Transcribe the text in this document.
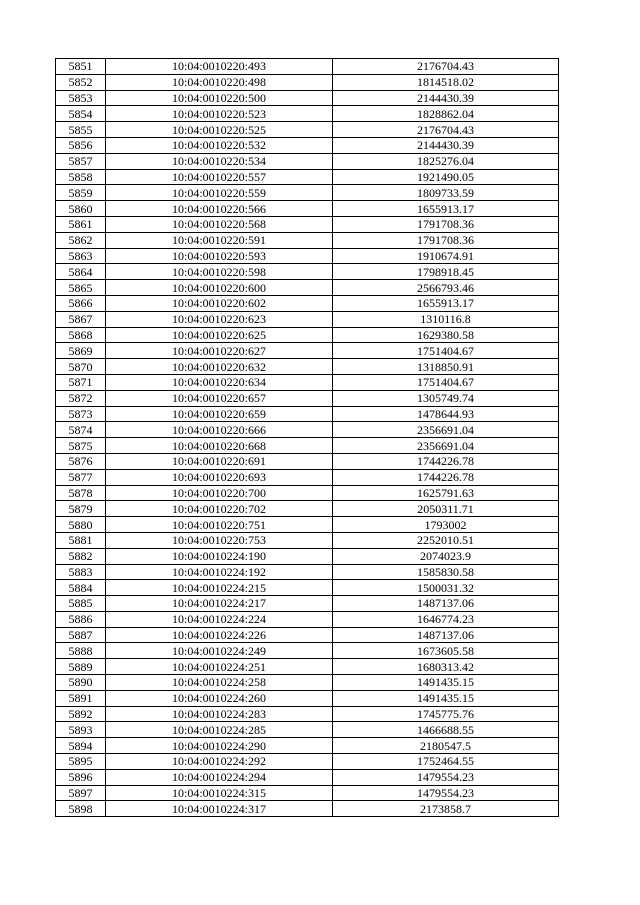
5851	10:04:0010220:493	2176704.43
5852	10:04:0010220:498	1814518.02
5853	10:04:0010220:500	2144430.39
5854	10:04:0010220:523	1828862.04
5855	10:04:0010220:525	2176704.43
5856	10:04:0010220:532	2144430.39
5857	10:04:0010220:534	1825276.04
5858	10:04:0010220:557	1921490.05
5859	10:04:0010220:559	1809733.59
5860	10:04:0010220:566	1655913.17
5861	10:04:0010220:568	1791708.36
5862	10:04:0010220:591	1791708.36
5863	10:04:0010220:593	1910674.91
5864	10:04:0010220:598	1798918.45
5865	10:04:0010220:600	2566793.46
5866	10:04:0010220:602	1655913.17
5867	10:04:0010220:623	1310116.8
5868	10:04:0010220:625	1629380.58
5869	10:04:0010220:627	1751404.67
5870	10:04:0010220:632	1318850.91
5871	10:04:0010220:634	1751404.67
5872	10:04:0010220:657	1305749.74
5873	10:04:0010220:659	1478644.93
5874	10:04:0010220:666	2356691.04
5875	10:04:0010220:668	2356691.04
5876	10:04:0010220:691	1744226.78
5877	10:04:0010220:693	1744226.78
5878	10:04:0010220:700	1625791.63
5879	10:04:0010220:702	2050311.71
5880	10:04:0010220:751	1793002
5881	10:04:0010220:753	2252010.51
5882	10:04:0010224:190	2074023.9
5883	10:04:0010224:192	1585830.58
5884	10:04:0010224:215	1500031.32
5885	10:04:0010224:217	1487137.06
5886	10:04:0010224:224	1646774.23
5887	10:04:0010224:226	1487137.06
5888	10:04:0010224:249	1673605.58
5889	10:04:0010224:251	1680313.42
5890	10:04:0010224:258	1491435.15
5891	10:04:0010224:260	1491435.15
5892	10:04:0010224:283	1745775.76
5893	10:04:0010224:285	1466688.55
5894	10:04:0010224:290	2180547.5
5895	10:04:0010224:292	1752464.55
5896	10:04:0010224:294	1479554.23
5897	10:04:0010224:315	1479554.23
5898	10:04:0010224:317	2173858.7
